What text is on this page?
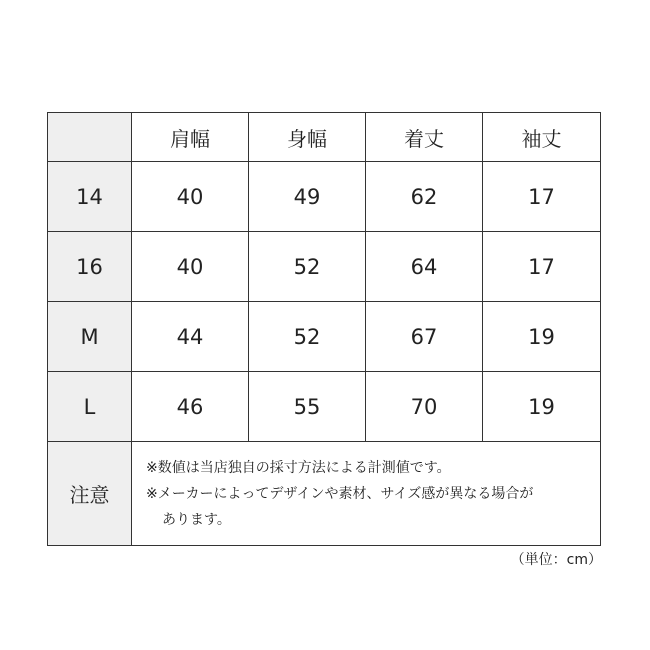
	肩幅	身幅	着丈	袖丈
14	40	49	62	17
16	40	52	64	17
M	44	52	67	19
L	46	55	70	19
注意	※数値は当店独自の採寸方法による計測値です。
※メーカーによってデザインや素材、サイズ感が異なる場合が
あります。			
（単位：cm）
